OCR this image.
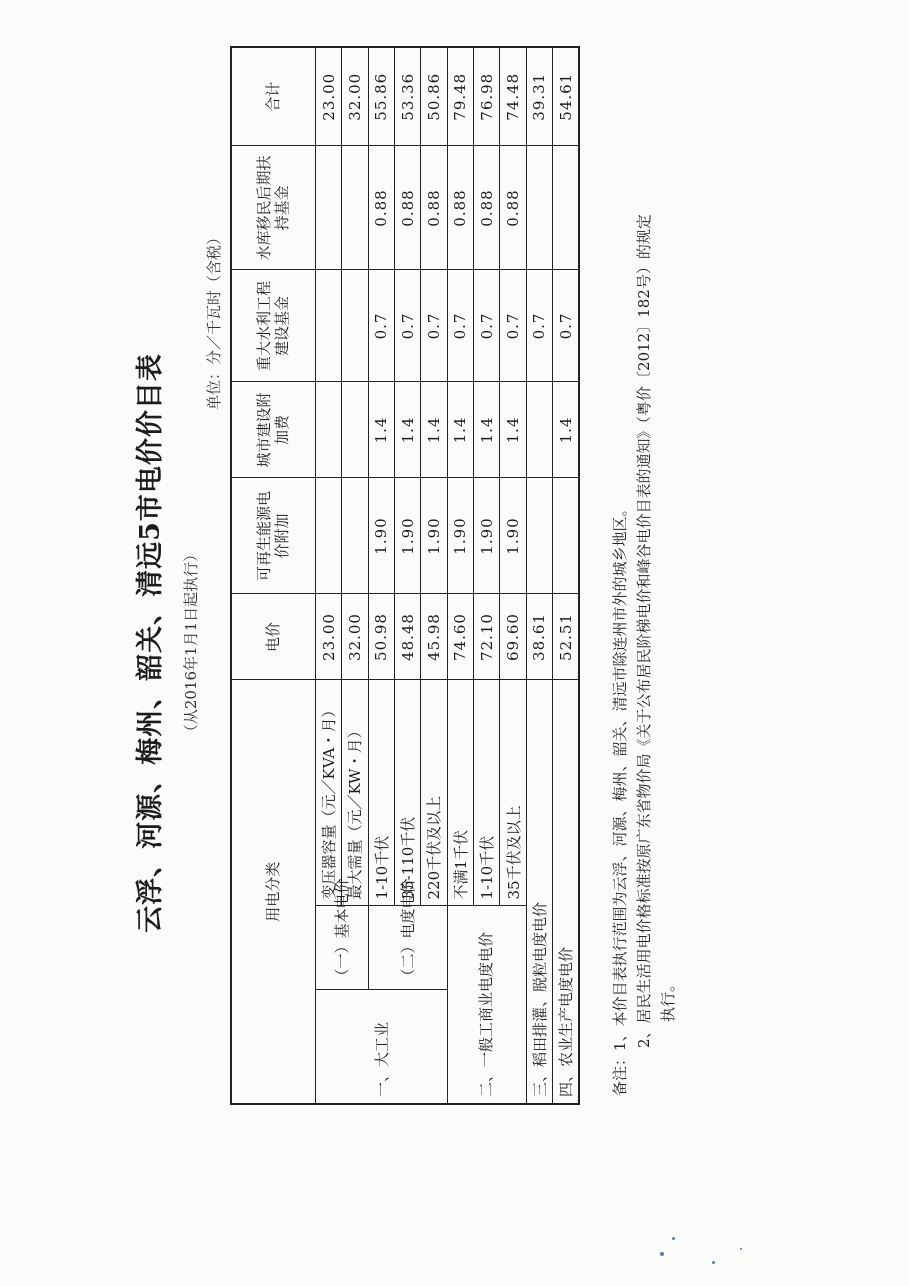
云浮、河源、梅州、韶关、清远5市电价价目表 （从2016年1月1日起执行）
单位：分／千瓦时（含税）
用电分类			电价	可再生能源电价附加	城市建设附加费	重大水利工程建设基金	水库移民后期扶持基金	合计
一、大工业	（一）基本电价	变压器容量（元／KVA・月）	23.00					23.00
		最大需量（元／KW・月）	32.00					32.00
	（二）电度电价	1-10千伏	50.98	1.90	1.4	0.7	0.88	55.86
		35-110千伏	48.48	1.90	1.4	0.7	0.88	53.36
		220千伏及以上	45.98	1.90	1.4	0.7	0.88	50.86
二、一般工商业电度电价		不满1千伏	74.60	1.90	1.4	0.7	0.88	79.48
		1-10千伏	72.10	1.90	1.4	0.7	0.88	76.98
		35千伏及以上	69.60	1.90	1.4	0.7	0.88	74.48
三、稻田排灌、脱粒电度电价			38.61			0.7		39.31
四、农业生产电度电价			52.51		1.4	0.7		54.61
备注：1、本价目表执行范围为云浮、河源、梅州、韶关、清远市除连州市外的城乡地区。 2、居民生活用电价格标准按原广东省物价局《关于公布居民阶梯电价和峰谷电价目表的通知》（粤价〔2012〕182号）的规定 执行。
